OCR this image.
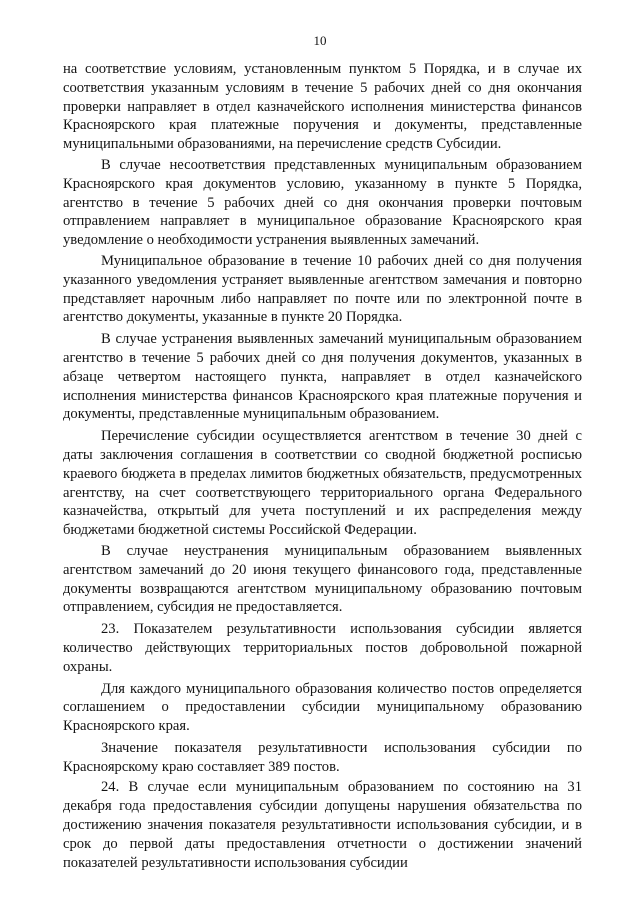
10

на соответствие условиям, установленным пунктом 5 Порядка, и в случае их соответствия указанным условиям в течение 5 рабочих дней со дня окончания проверки направляет в отдел казначейского исполнения министерства финансов Красноярского края платежные поручения и документы, представленные муниципальными образованиями, на перечисление средств Субсидии.

В случае несоответствия представленных муниципальным образованием Красноярского края документов условию, указанному в пункте 5 Порядка, агентство в течение 5 рабочих дней со дня окончания проверки почтовым отправлением направляет в муниципальное образование Красноярского края уведомление о необходимости устранения выявленных замечаний.

Муниципальное образование в течение 10 рабочих дней со дня получения указанного уведомления устраняет выявленные агентством замечания и повторно представляет нарочным либо направляет по почте или по электронной почте в агентство документы, указанные в пункте 20 Порядка.

В случае устранения выявленных замечаний муниципальным образованием агентство в течение 5 рабочих дней со дня получения документов, указанных в абзаце четвертом настоящего пункта, направляет в отдел казначейского исполнения министерства финансов Красноярского края платежные поручения и документы, представленные муниципальным образованием.

Перечисление субсидии осуществляется агентством в течение 30 дней с даты заключения соглашения в соответствии со сводной бюджетной росписью краевого бюджета в пределах лимитов бюджетных обязательств, предусмотренных агентству, на счет соответствующего территориального органа Федерального казначейства, открытый для учета поступлений и их распределения между бюджетами бюджетной системы Российской Федерации.

В случае неустранения муниципальным образованием выявленных агентством замечаний до 20 июня текущего финансового года, представленные документы возвращаются агентством муниципальному образованию почтовым отправлением, субсидия не предоставляется.

23. Показателем результативности использования субсидии является количество действующих территориальных постов добровольной пожарной охраны.

Для каждого муниципального образования количество постов определяется соглашением о предоставлении субсидии муниципальному образованию Красноярского края.

Значение показателя результативности использования субсидии по Красноярскому краю составляет 389 постов.

24. В случае если муниципальным образованием по состоянию на 31 декабря года предоставления субсидии допущены нарушения обязательства по достижению значения показателя результативности использования субсидии, и в срок до первой даты предоставления отчетности о достижении значений показателей результативности использования субсидии
